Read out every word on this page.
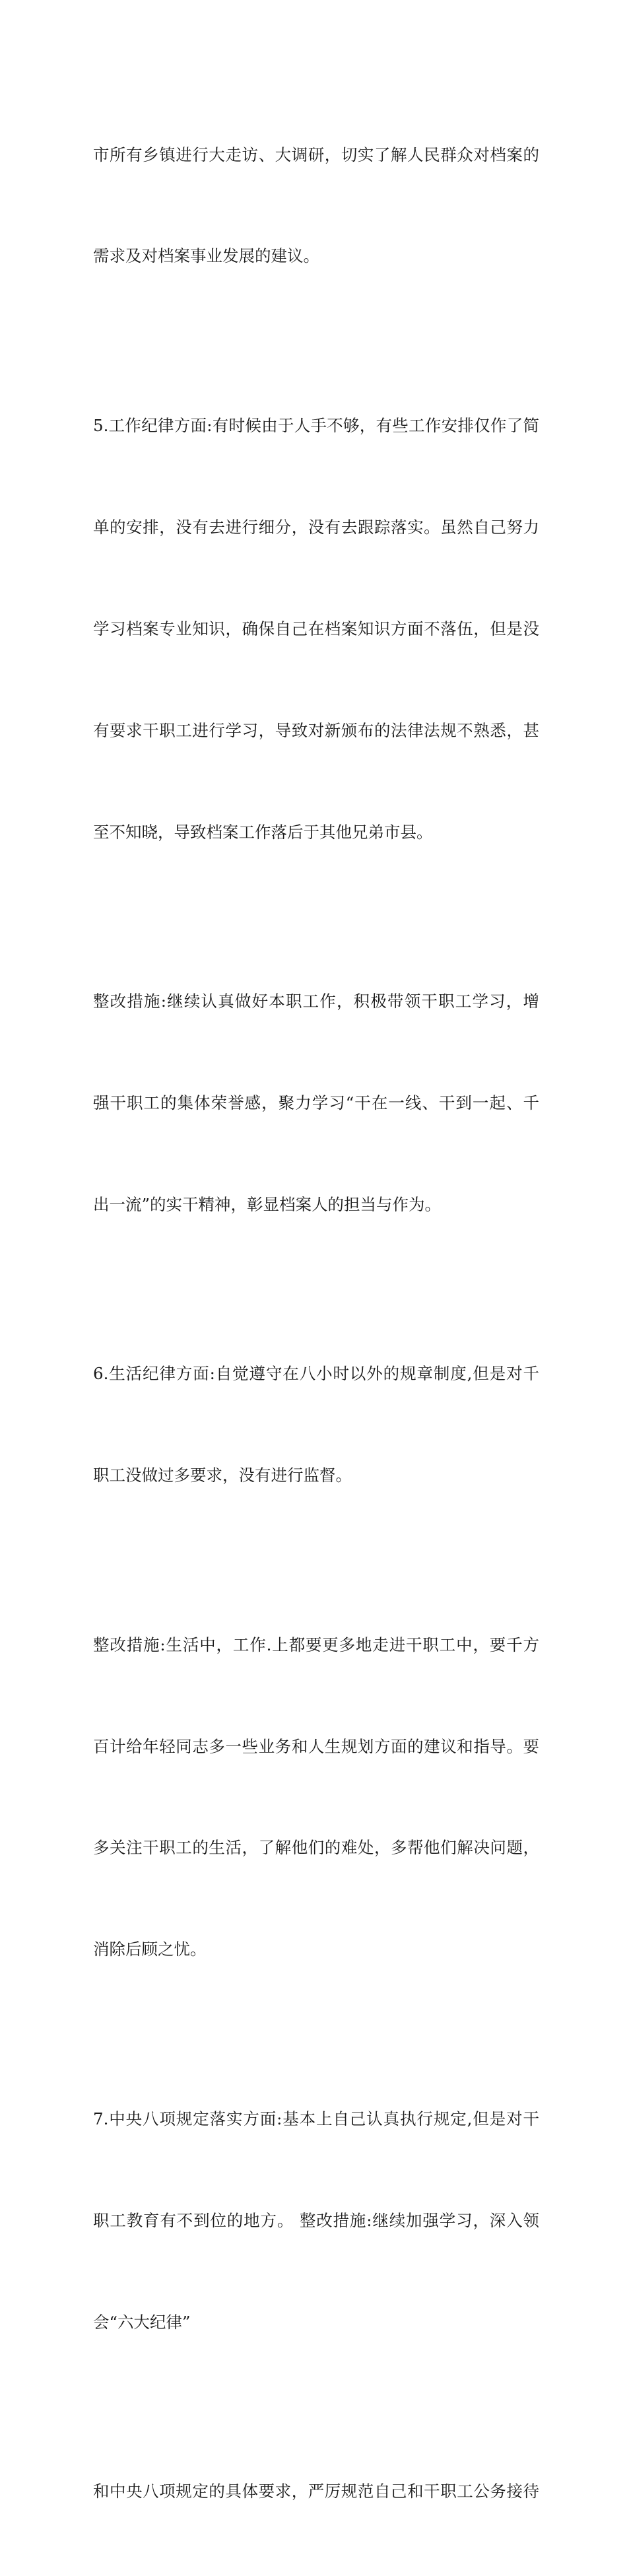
市所有乡镇进行大走访、大调研，切实了解人民群众对档案的

需求及对档案事业发展的建议。

5.工作纪律方面:有时候由于人手不够，有些工作安排仅作了简

单的安排，没有去进行细分，没有去跟踪落实。虽然自己努力

学习档案专业知识，确保自己在档案知识方面不落伍，但是没

有要求干职工进行学习，导致对新颁布的法律法规不熟悉，甚

至不知晓，导致档案工作落后于其他兄弟市县。

整改措施:继续认真做好本职工作，积极带领干职工学习，增

强干职工的集体荣誉感，聚力学习“干在一线、干到一起、千

出一流”的实干精神，彰显档案人的担当与作为。

6.生活纪律方面:自觉遵守在八小时以外的规章制度,但是对千

职工没做过多要求，没有进行监督。

整改措施:生活中，工作.上都要更多地走进干职工中，要千方

百计给年轻同志多一些业务和人生规划方面的建议和指导。要

多关注干职工的生活，了解他们的难处，多帮他们解决问题，

消除后顾之忧。

7.中央八项规定落实方面:基本上自己认真执行规定,但是对干

职工教育有不到位的地方。 整改措施:继续加强学习，深入领

会“六大纪律”

和中央八项规定的具体要求，严厉规范自己和干职工公务接待
